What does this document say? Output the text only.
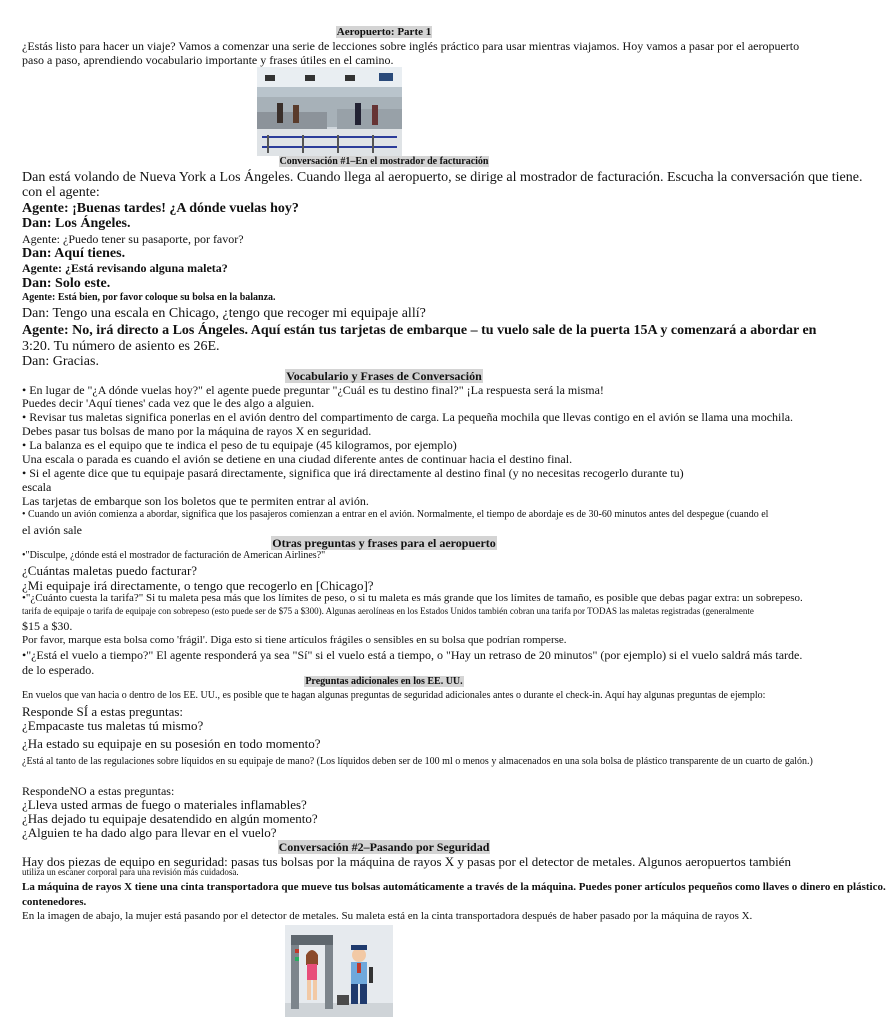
Aeropuerto: Parte 1
¿Estás listo para hacer un viaje? Vamos a comenzar una serie de lecciones sobre inglés práctico para usar mientras viajamos. Hoy vamos a pasar por el aeropuerto
paso a paso, aprendiendo vocabulario importante y frases útiles en el camino.
Conversación #1–En el mostrador de facturación
Dan está volando de Nueva York a Los Ángeles. Cuando llega al aeropuerto, se dirige al mostrador de facturación. Escucha la conversación que tiene.
con el agente:
Agente: ¡Buenas tardes! ¿A dónde vuelas hoy?
Dan: Los Ángeles.
Agente: ¿Puedo tener su pasaporte, por favor?
Dan: Aquí tienes.
Agente: ¿Está revisando alguna maleta?
Dan: Solo este.
Agente: Está bien, por favor coloque su bolsa en la balanza.
Dan: Tengo una escala en Chicago, ¿tengo que recoger mi equipaje allí?
Agente: No, irá directo a Los Ángeles. Aquí están tus tarjetas de embarque – tu vuelo sale de la puerta 15A y comenzará a abordar en
3:20. Tu número de asiento es 26E.
Dan: Gracias.
Vocabulario y Frases de Conversación
• En lugar de "¿A dónde vuelas hoy?" el agente puede preguntar "¿Cuál es tu destino final?" ¡La respuesta será la misma!
Puedes decir 'Aquí tienes' cada vez que le des algo a alguien.
• Revisar tus maletas significa ponerlas en el avión dentro del compartimento de carga. La pequeña mochila que llevas contigo en el avión se llama una mochila.
Debes pasar tus bolsas de mano por la máquina de rayos X en seguridad.
• La balanza es el equipo que te indica el peso de tu equipaje (45 kilogramos, por ejemplo)
Una escala o parada es cuando el avión se detiene en una ciudad diferente antes de continuar hacia el destino final.
• Si el agente dice que tu equipaje pasará directamente, significa que irá directamente al destino final (y no necesitas recogerlo durante tu)
escala
Las tarjetas de embarque son los boletos que te permiten entrar al avión.
• Cuando un avión comienza a abordar, significa que los pasajeros comienzan a entrar en el avión. Normalmente, el tiempo de abordaje es de 30-60 minutos antes del despegue (cuando el
el avión sale
Otras preguntas y frases para el aeropuerto
•"Disculpe, ¿dónde está el mostrador de facturación de American Airlines?"
¿Cuántas maletas puedo facturar?
¿Mi equipaje irá directamente, o tengo que recogerlo en [Chicago]?
•"¿Cuánto cuesta la tarifa?" Si tu maleta pesa más que los límites de peso, o si tu maleta es más grande que los límites de tamaño, es posible que debas pagar extra: un sobrepeso.
tarifa de equipaje o tarifa de equipaje con sobrepeso (esto puede ser de $75 a $300). Algunas aerolíneas en los Estados Unidos también cobran una tarifa por TODAS las maletas registradas (generalmente
$15 a $30.
Por favor, marque esta bolsa como 'frágil'. Diga esto si tiene artículos frágiles o sensibles en su bolsa que podrían romperse.
•"¿Está el vuelo a tiempo?" El agente responderá ya sea "Sí" si el vuelo está a tiempo, o "Hay un retraso de 20 minutos" (por ejemplo) si el vuelo saldrá más tarde.
de lo esperado.
Preguntas adicionales en los EE. UU.
En vuelos que van hacia o dentro de los EE. UU., es posible que te hagan algunas preguntas de seguridad adicionales antes o durante el check-in. Aquí hay algunas preguntas de ejemplo:
Responde SÍ a estas preguntas:
¿Empacaste tus maletas tú mismo?
¿Ha estado su equipaje en su posesión en todo momento?
¿Está al tanto de las regulaciones sobre líquidos en su equipaje de mano? (Los líquidos deben ser de 100 ml o menos y almacenados en una sola bolsa de plástico transparente de un cuarto de galón.)
RespondeNO a estas preguntas:
¿Lleva usted armas de fuego o materiales inflamables?
¿Has dejado tu equipaje desatendido en algún momento?
¿Alguien te ha dado algo para llevar en el vuelo?
Conversación #2–Pasando por Seguridad
Hay dos piezas de equipo en seguridad: pasas tus bolsas por la máquina de rayos X y pasas por el detector de metales. Algunos aeropuertos también
utiliza un escaner corporal para una revisión más cuidadosa.
La máquina de rayos X tiene una cinta transportadora que mueve tus bolsas automáticamente a través de la máquina. Puedes poner artículos pequeños como llaves o dinero en plástico.
contenedores.
En la imagen de abajo, la mujer está pasando por el detector de metales. Su maleta está en la cinta transportadora después de haber pasado por la máquina de rayos X.
